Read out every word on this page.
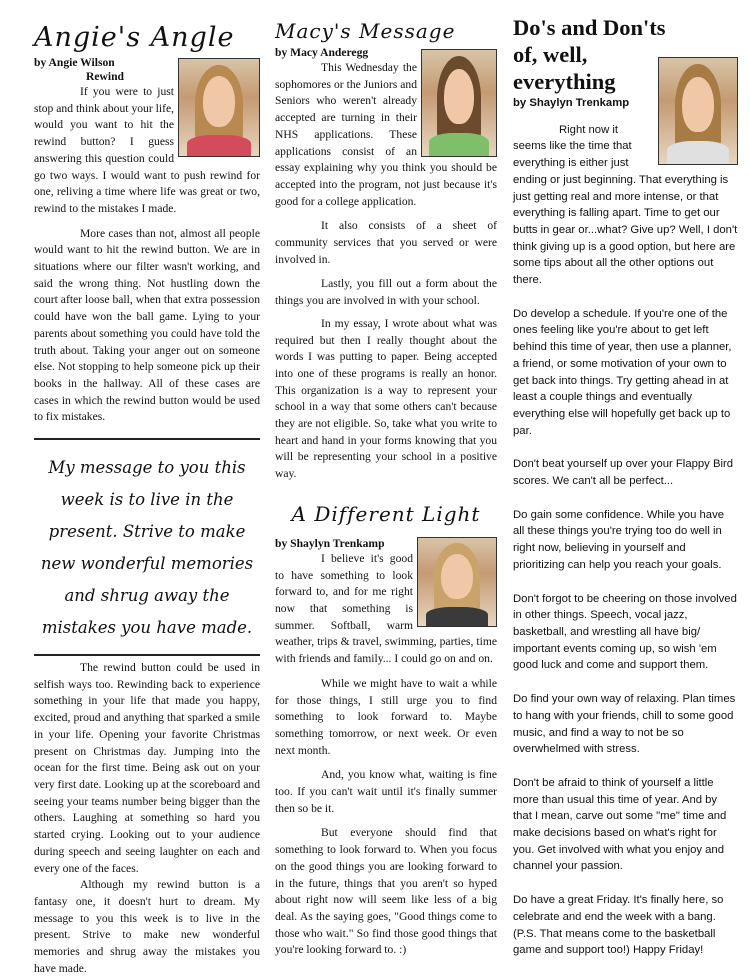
Angie's Angle

by Angie Wilson

Rewind

If you were to just stop and think about your life, would you want to hit the rewind button? I guess answering this question could go two ways. I would want to push rewind for one, reliving a time where life was great or two, rewind to the mistakes I made.

More cases than not, almost all people would want to hit the rewind button. We are in situations where our filter wasn't working, and said the wrong thing. Not hustling down the court after loose ball, when that extra possession could have won the ball game. Lying to your parents about something you could have told the truth about. Taking your anger out on someone else. Not stopping to help someone pick up their books in the hallway. All of these cases are cases in which the rewind button would be used to fix mistakes.

My message to you this week is to live in the present. Strive to make new wonderful memories and shrug away the mistakes you have made.

The rewind button could be used in selfish ways too. Rewinding back to experience something in your life that made you happy, excited, proud and anything that sparked a smile in your life. Opening your favorite Christmas present on Christmas day. Jumping into the ocean for the first time. Being ask out on your very first date. Looking up at the scoreboard and seeing your teams number being bigger than the others. Laughing at something so hard you started crying. Looking out to your audience during speech and seeing laughter on each and every one of the faces.

Although my rewind button is a fantasy one, it doesn't hurt to dream. My message to you this week is to live in the present. Strive to make new wonderful memories and shrug away the mistakes you have made.

Macy's Message

by Macy Anderegg

This Wednesday the sophomores or the Juniors and Seniors who weren't already accepted are turning in their NHS applications. These applications consist of an essay explaining why you think you should be accepted into the program, not just because it's good for a college application.

It also consists of a sheet of community services that you served or were involved in.

Lastly, you fill out a form about the things you are involved in with your school.

In my essay, I wrote about what was required but then I really thought about the words I was putting to paper. Being accepted into one of these programs is really an honor. This organization is a way to represent your school in a way that some others can't because they are not eligible. So, take what you write to heart and hand in your forms knowing that you will be representing your school in a positive way.

A Different Light

by Shaylyn Trenkamp

I believe it's good to have something to look forward to, and for me right now that something is summer. Softball, warm weather, trips & travel, swimming, parties, time with friends and family... I could go on and on.

While we might have to wait a while for those things, I still urge you to find something to look forward to. Maybe something tomorrow, or next week. Or even next month.

And, you know what, waiting is fine too. If you can't wait until it's finally summer then so be it.

But everyone should find that something to look forward to. When you focus on the good things you are looking forward to in the future, things that you aren't so hyped about right now will seem like less of a big deal. As the saying goes, "Good things come to those who wait." So find those good things that you're looking forward to. :)

Do's and Don'ts of, well, everything

by Shaylyn Trenkamp

Right now it seems like the time that everything is either just ending or just beginning. That everything is just getting real and more intense, or that everything is falling apart. Time to get our butts in gear or...what? Give up? Well, I don't think giving up is a good option, but here are some tips about all the other options out there.

Do develop a schedule. If you're one of the ones feeling like you're about to get left behind this time of year, then use a planner, a friend, or some motivation of your own to get back into things. Try getting ahead in at least a couple things and eventually everything else will hopefully get back up to par.

Don't beat yourself up over your Flappy Bird scores. We can't all be perfect...

Do gain some confidence. While you have all these things you're trying too do well in right now, believing in yourself and prioritizing can help you reach your goals.

Don't forgot to be cheering on those involved in other things. Speech, vocal jazz, basketball, and wrestling all have big/ important events coming up, so wish 'em good luck and come and support them.

Do find your own way of relaxing. Plan times to hang with your friends, chill to some good music, and find a way to not be so overwhelmed with stress.

Don't be afraid to think of yourself a little more than usual this time of year. And by that I mean, carve out some "me" time and make decisions based on what's right for you. Get involved with what you enjoy and channel your passion.

Do have a great Friday. It's finally here, so celebrate and end the week with a bang. (P.S. That means come to the basketball game and support too!) Happy Friday!
